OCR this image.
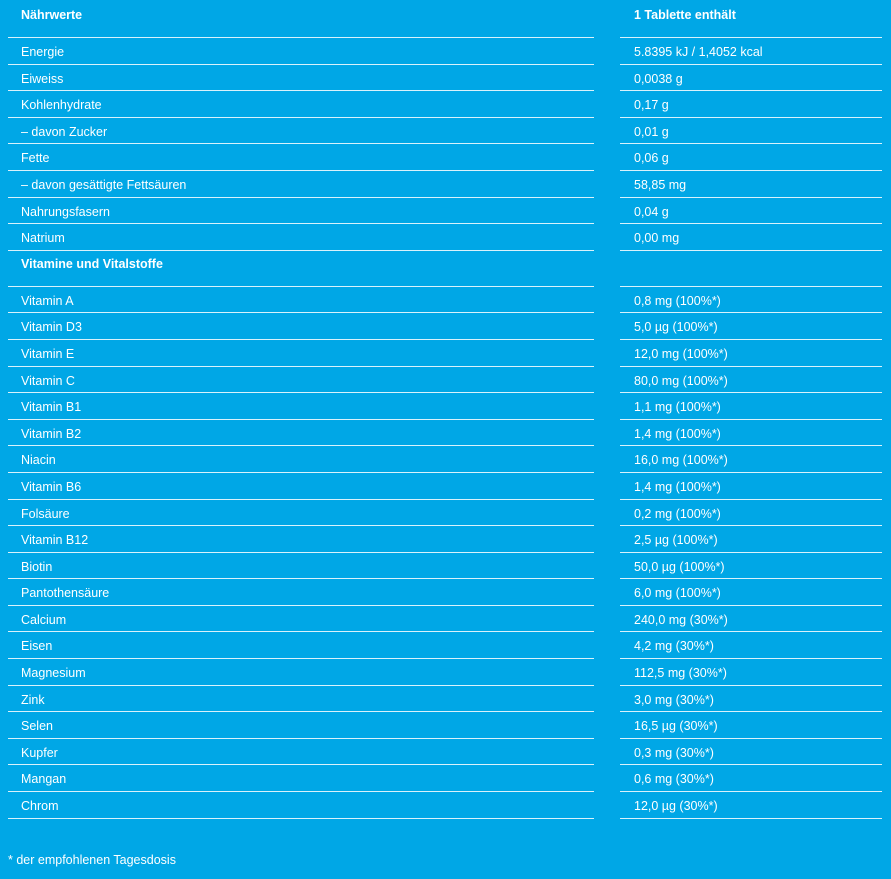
Nährwerte	1 Tablette enthält
Energie	5.8395 kJ / 1,4052 kcal
Eiweiss	0,0038 g
Kohlenhydrate	0,17 g
– davon Zucker	0,01 g
Fette	0,06 g
– davon gesättigte Fettsäuren	58,85 mg
Nahrungsfasern	0,04 g
Natrium	0,00 mg
Vitamine und Vitalstoffe
Vitamin A	0,8 mg (100%*)
Vitamin D3	5,0 µg (100%*)
Vitamin E	12,0 mg (100%*)
Vitamin C	80,0 mg (100%*)
Vitamin B1	1,1 mg (100%*)
Vitamin B2	1,4 mg (100%*)
Niacin	16,0 mg (100%*)
Vitamin B6	1,4 mg (100%*)
Folsäure	0,2 mg (100%*)
Vitamin B12	2,5 µg (100%*)
Biotin	50,0 µg (100%*)
Pantothensäure	6,0 mg (100%*)
Calcium	240,0 mg (30%*)
Eisen	4,2 mg (30%*)
Magnesium	112,5 mg (30%*)
Zink	3,0 mg (30%*)
Selen	16,5 µg (30%*)
Kupfer	0,3 mg (30%*)
Mangan	0,6 mg (30%*)
Chrom	12,0 µg (30%*)
* der empfohlenen Tagesdosis
